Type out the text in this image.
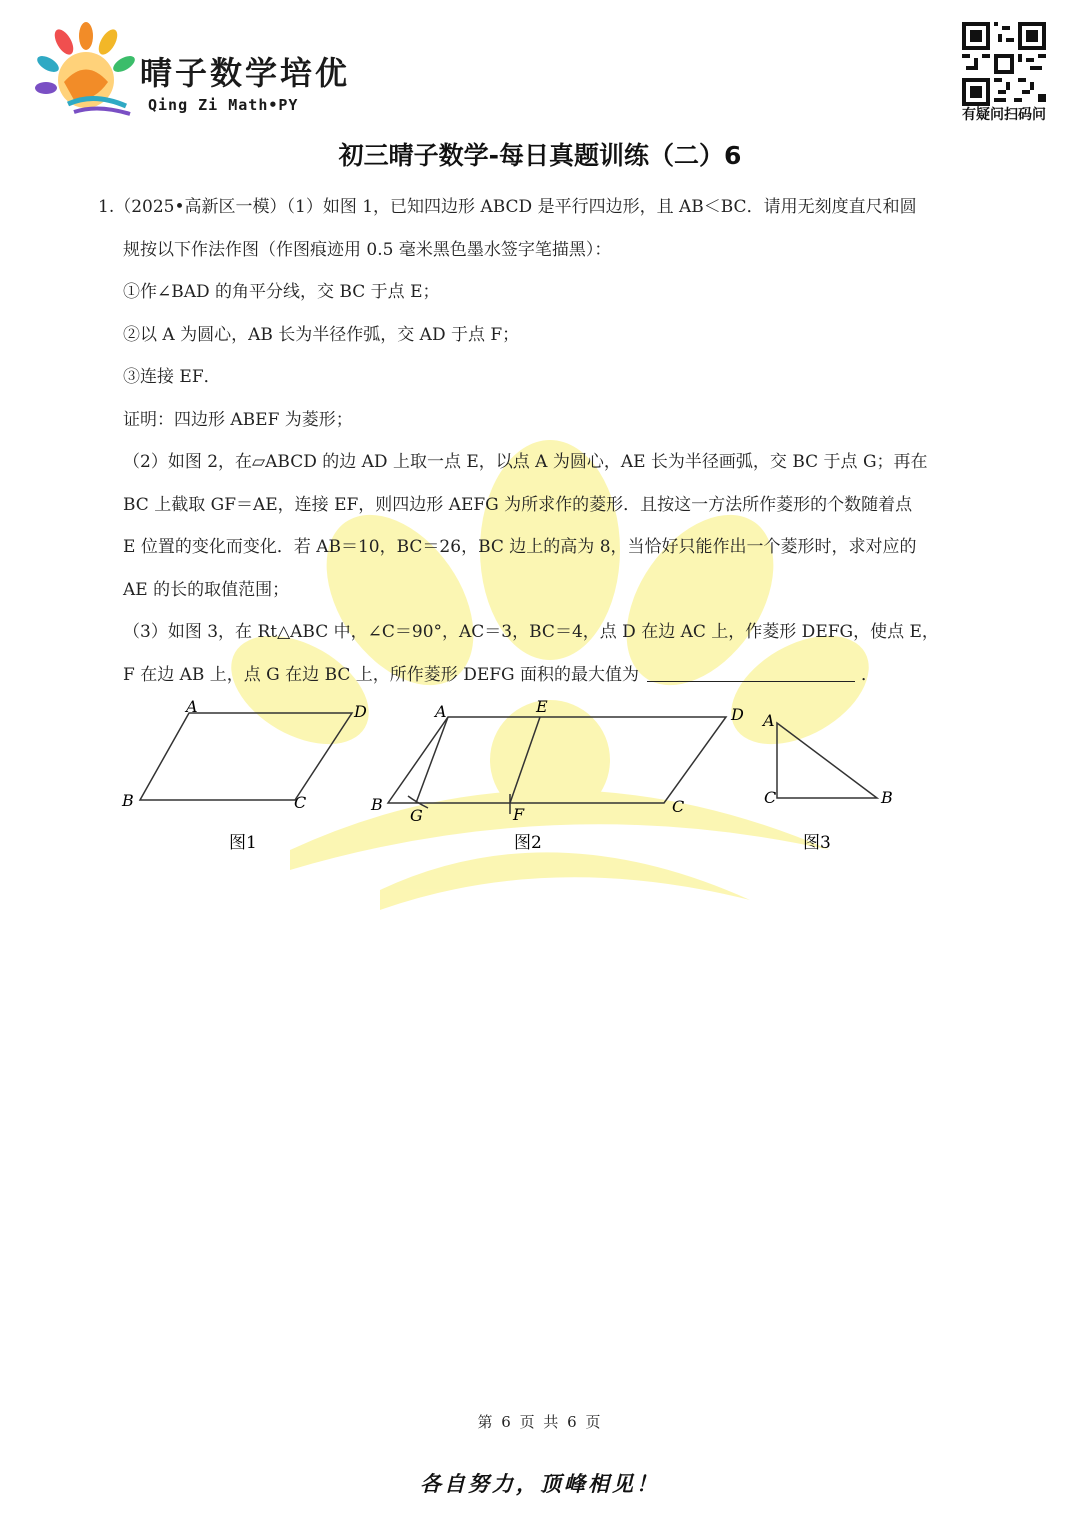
晴子数学培优
Qing Zi Math•PY
有疑问扫码问
初三晴子数学-每日真题训练（二）6
1.（2025•高新区一模）（1）如图 1，已知四边形 ABCD 是平行四边形，且 AB＜BC．请用无刻度直尺和圆
规按以下作法作图（作图痕迹用 0.5 毫米黑色墨水签字笔描黑）：
①作∠BAD 的角平分线，交 BC 于点 E；
②以 A 为圆心，AB 长为半径作弧，交 AD 于点 F；
③连接 EF．
证明：四边形 ABEF 为菱形；
（2）如图 2，在▱ABCD 的边 AD 上取一点 E，以点 A 为圆心，AE 长为半径画弧，交 BC 于点 G；再在
BC 上截取 GF＝AE，连接 EF，则四边形 AEFG 为所求作的菱形．且按这一方法所作菱形的个数随着点
E 位置的变化而变化．若 AB＝10，BC＝26，BC 边上的高为 8，当恰好只能作出一个菱形时，求对应的
AE 的长的取值范围；
（3）如图 3，在 Rt△ABC 中，∠C＝90°，AC＝3，BC＝4，点 D 在边 AC 上，作菱形 DEFG，使点 E，
F 在边 AB 上，点 G 在边 BC 上，所作菱形 DEFG 面积的最大值为	．
A	D
B	C
图1
A	E	D
B
G	F	C
图2
A
C	B
图3
第 6 页 共 6 页
各自努力，顶峰相见！
